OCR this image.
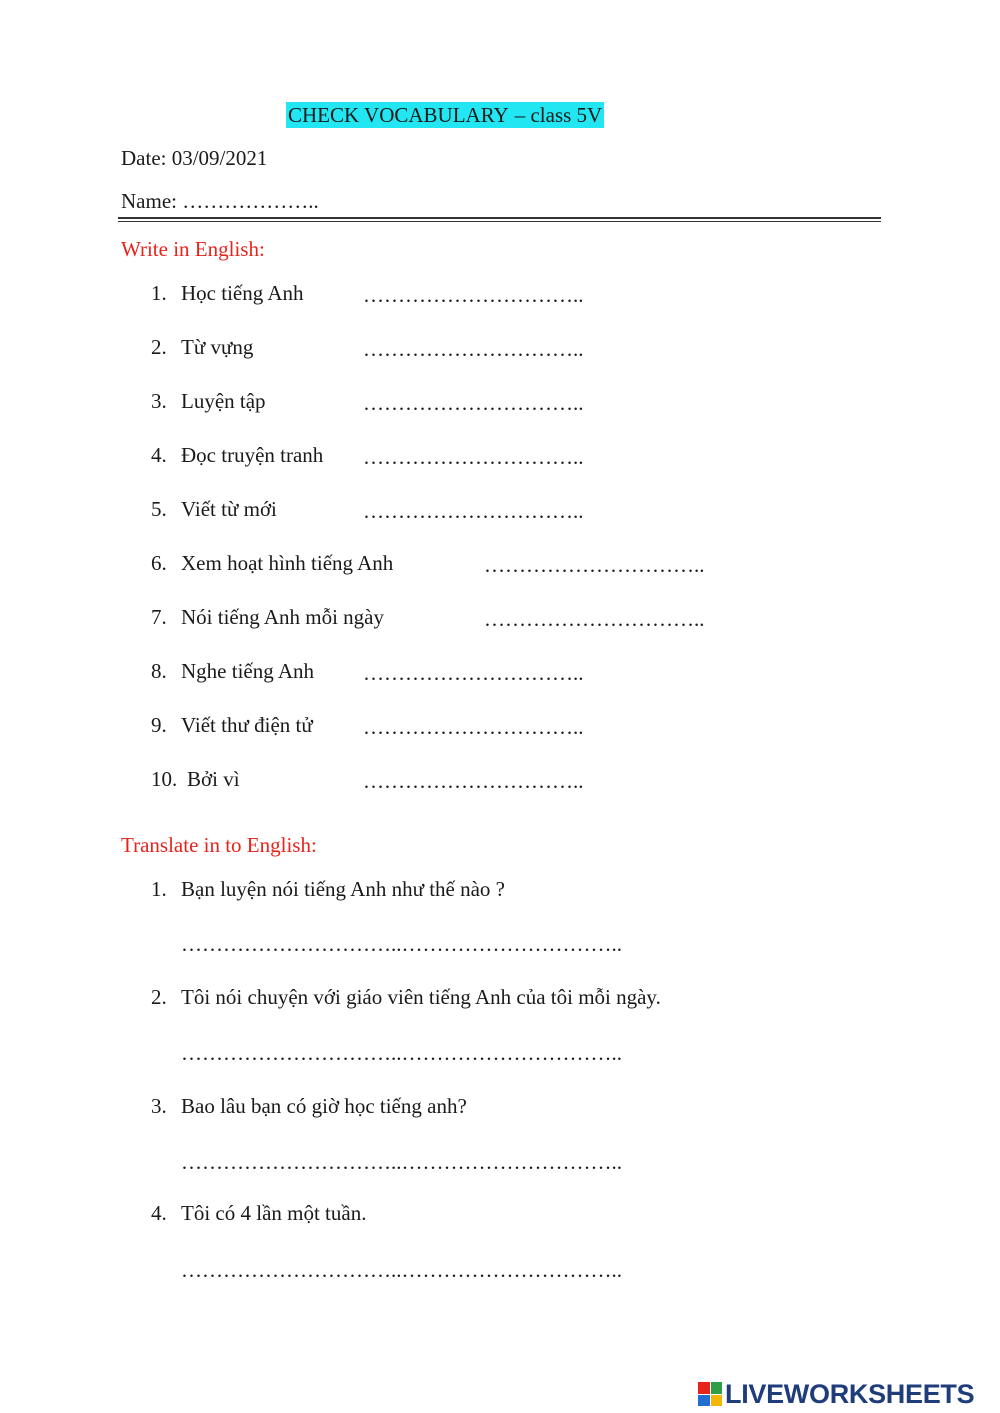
CHECK VOCABULARY – class 5V
Date: 03/09/2021
Name: ………………..
Write in English:
1. Học tiếng Anh	…………………………..
2. Từ vựng	…………………………..
3. Luyện tập	…………………………..
4. Đọc truyện tranh …………………………..
5. Viết từ mới	…………………………..
6. Xem hoạt hình tiếng Anh	…………………………..
7. Nói tiếng Anh mỗi ngày	…………………………..
8. Nghe tiếng Anh …………………………..
9. Viết thư điện tử …………………………..
10. Bởi vì	…………………………..
Translate in to English:
1. Bạn luyện nói tiếng Anh như thế nào ?
…………………………..…………………………..
2. Tôi nói chuyện với giáo viên tiếng Anh của tôi mỗi ngày.
…………………………..…………………………..
3. Bao lâu bạn có giờ học tiếng anh?
…………………………..…………………………..
4. Tôi có 4 lần một tuần.
…………………………..…………………………..
LIVEWORKSHEETS
